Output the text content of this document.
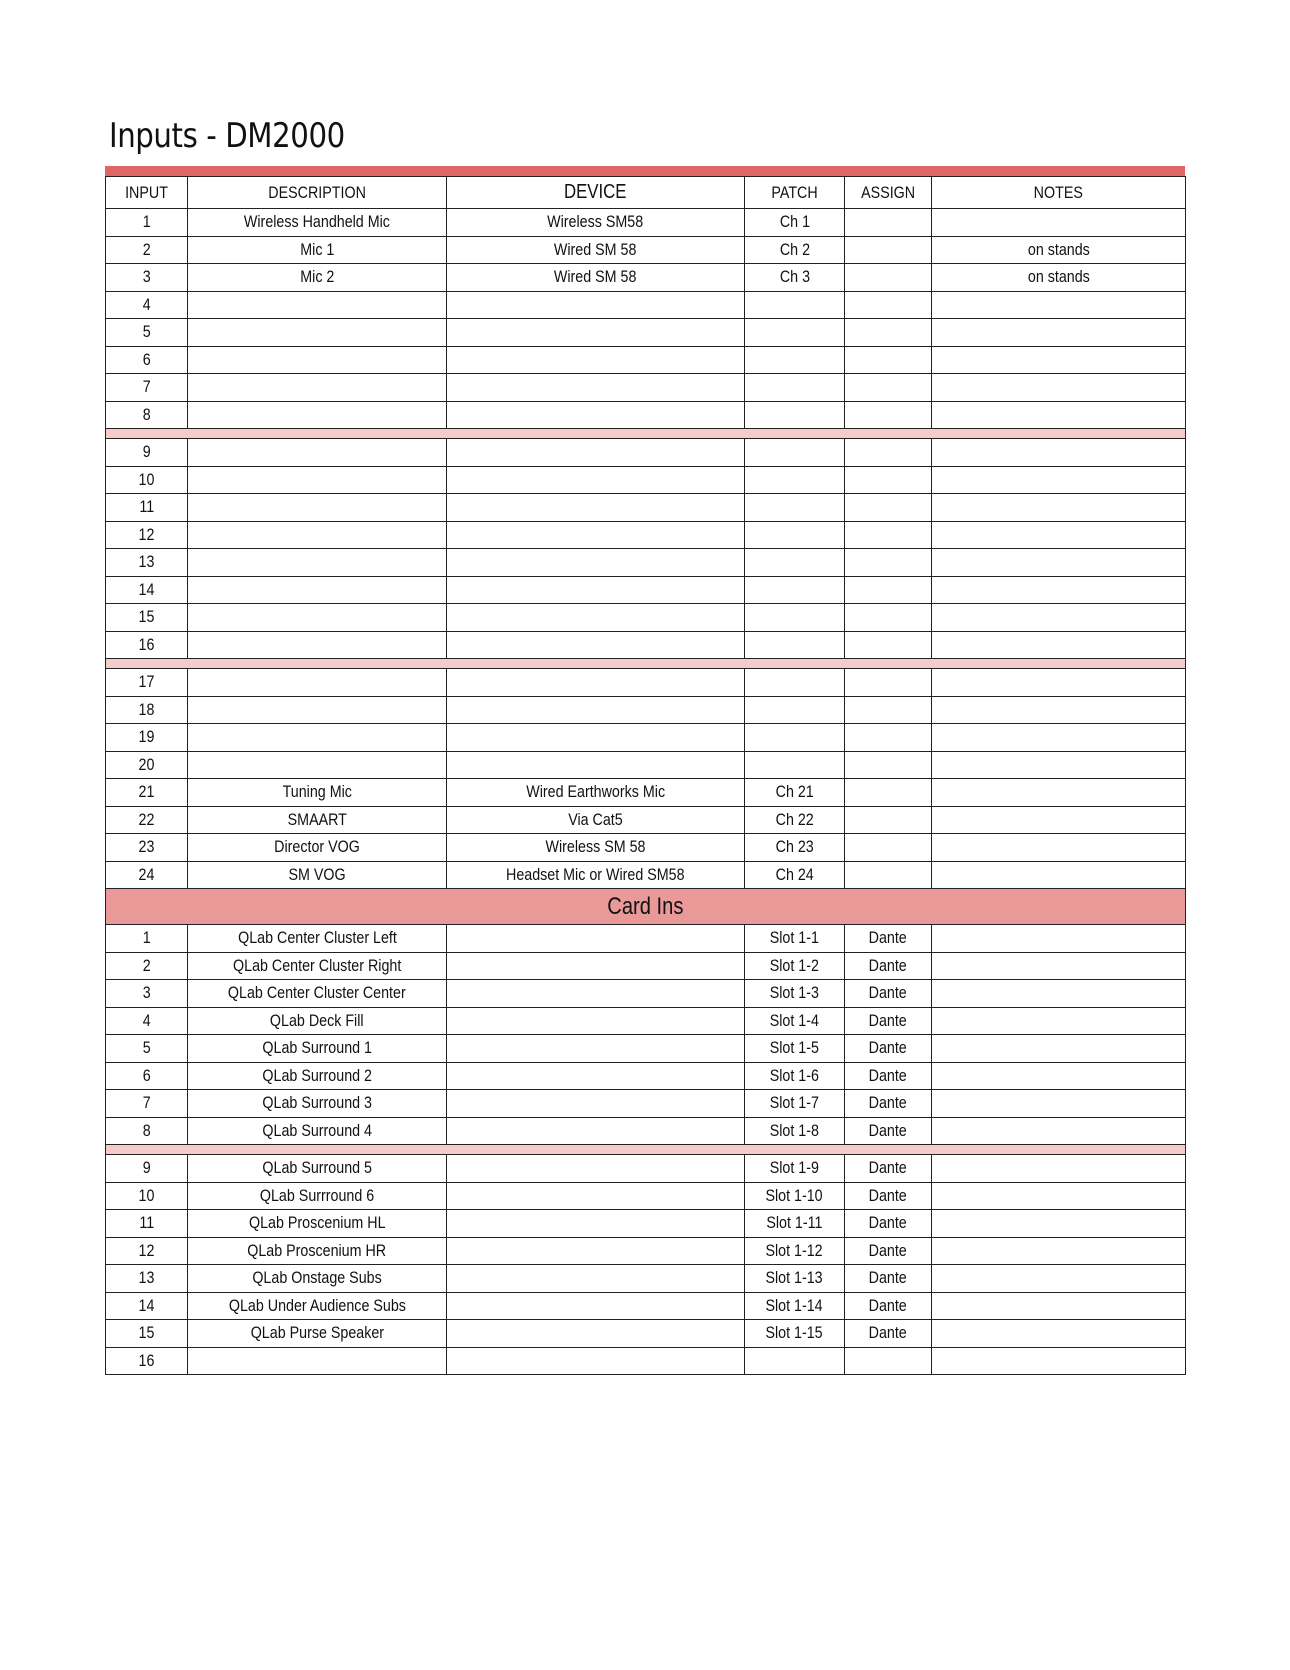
Inputs - DM2000
INPUT	DESCRIPTION	DEVICE	PATCH	ASSIGN	NOTES
1	Wireless Handheld Mic	Wireless SM58	Ch 1		
2	Mic 1	Wired SM 58	Ch 2		on stands
3	Mic 2	Wired SM 58	Ch 3		on stands
4					
5					
6					
7					
8					

9					
10					
11					
12					
13					
14					
15					
16					

17					
18					
19					
20					
21	Tuning Mic	Wired Earthworks Mic	Ch 21		
22	SMAART	Via Cat5	Ch 22		
23	Director VOG	Wireless SM 58	Ch 23		
24	SM VOG	Headset Mic or Wired SM58	Ch 24		
Card Ins					
1	QLab Center Cluster Left		Slot 1-1	Dante	
2	QLab Center Cluster Right		Slot 1-2	Dante	
3	QLab Center Cluster Center		Slot 1-3	Dante	
4	QLab Deck Fill		Slot 1-4	Dante	
5	QLab Surround 1		Slot 1-5	Dante	
6	QLab Surround 2		Slot 1-6	Dante	
7	QLab Surround 3		Slot 1-7	Dante	
8	QLab Surround 4		Slot 1-8	Dante	

9	QLab Surround 5		Slot 1-9	Dante	
10	QLab Surrround 6		Slot 1-10	Dante	
11	QLab Proscenium HL		Slot 1-11	Dante	
12	QLab Proscenium HR		Slot 1-12	Dante	
13	QLab Onstage Subs		Slot 1-13	Dante	
14	QLab Under Audience Subs		Slot 1-14	Dante	
15	QLab Purse Speaker		Slot 1-15	Dante	
16					
